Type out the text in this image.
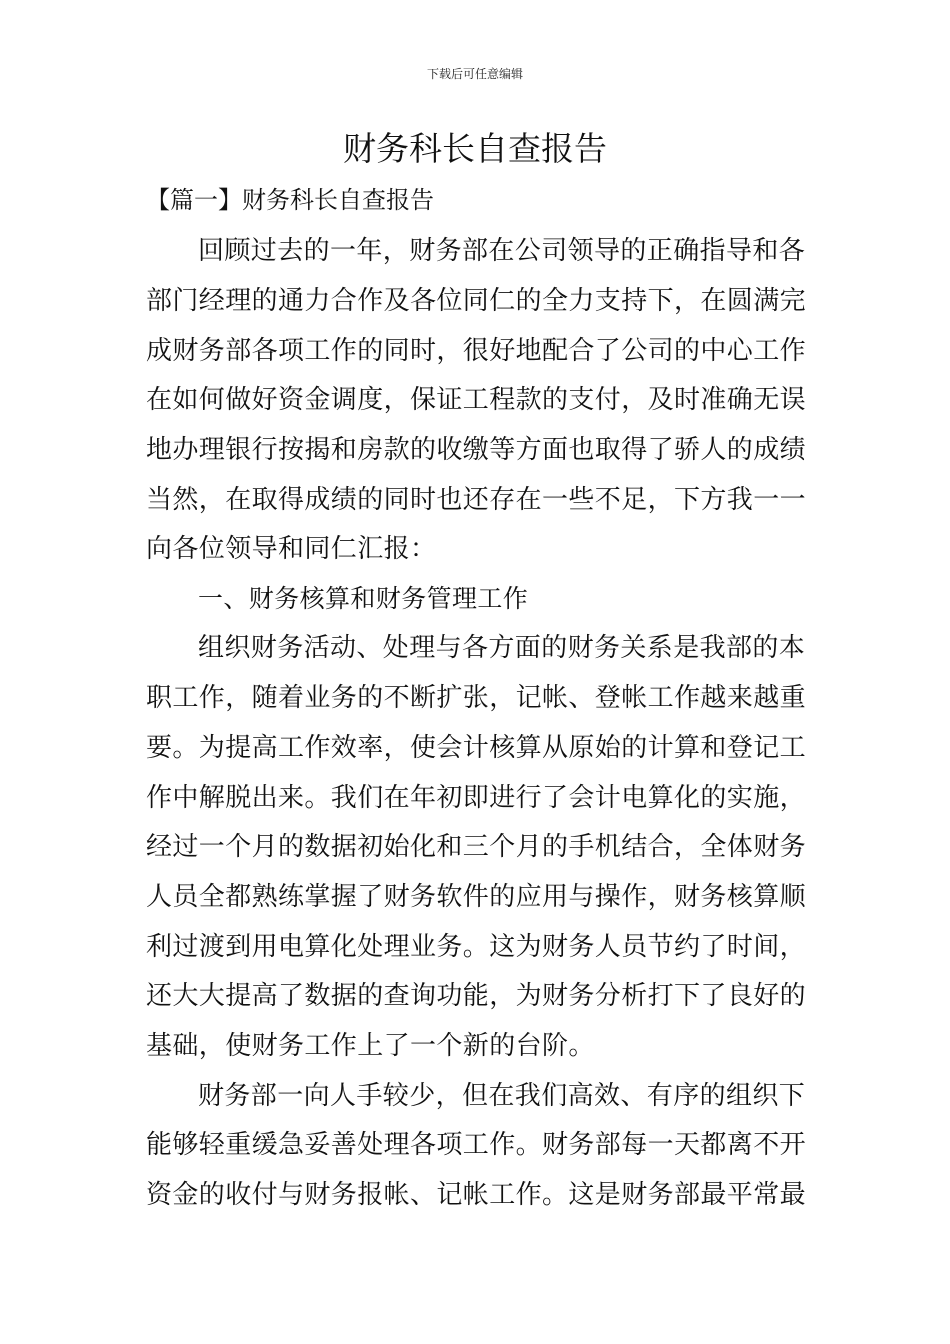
下载后可任意编辑
财务科长自查报告
【篇一】财务科长自查报告
回顾过去的一年，财务部在公司领导的正确指导和各
部门经理的通力合作及各位同仁的全力支持下，在圆满完
成财务部各项工作的同时，很好地配合了公司的中心工作
在如何做好资金调度，保证工程款的支付，及时准确无误
地办理银行按揭和房款的收缴等方面也取得了骄人的成绩
当然，在取得成绩的同时也还存在一些不足，下方我一一
向各位领导和同仁汇报：
一、财务核算和财务管理工作
组织财务活动、处理与各方面的财务关系是我部的本
职工作，随着业务的不断扩张，记帐、登帐工作越来越重
要。为提高工作效率，使会计核算从原始的计算和登记工
作中解脱出来。我们在年初即进行了会计电算化的实施，
经过一个月的数据初始化和三个月的手机结合，全体财务
人员全都熟练掌握了财务软件的应用与操作，财务核算顺
利过渡到用电算化处理业务。这为财务人员节约了时间，
还大大提高了数据的查询功能，为财务分析打下了良好的
基础，使财务工作上了一个新的台阶。
财务部一向人手较少，但在我们高效、有序的组织下
能够轻重缓急妥善处理各项工作。财务部每一天都离不开
资金的收付与财务报帐、记帐工作。这是财务部最平常最
